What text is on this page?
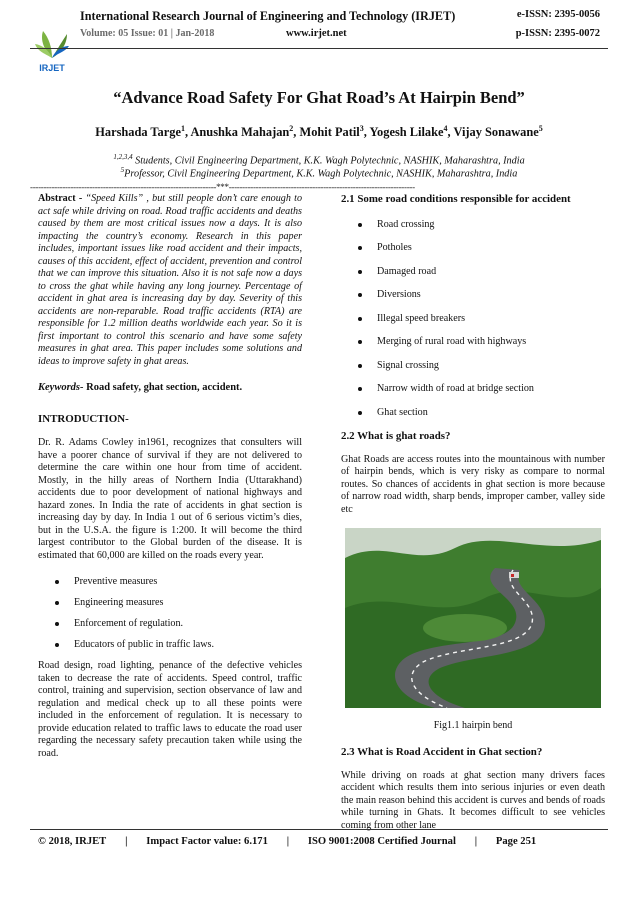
IRJET
International Research Journal of Engineering and Technology (IRJET)
Volume: 05 Issue: 01 | Jan-2018	www.irjet.net
e-ISSN: 2395-0056
p-ISSN: 2395-0072
“Advance Road Safety For Ghat Road’s At Hairpin Bend”
Harshada Targe$^1$, Anushka Mahajan$^2$, Mohit Patil$^3$, Yogesh Lilake$^4$, Vijay Sonawane$^5$
$^{1,2,3,4}$ Students, Civil Engineering Department, K.K. Wagh Polytechnic, NASHIK, Maharashtra, India
$^5$Professor, Civil Engineering Department, K.K. Wagh Polytechnic, NASHIK, Maharashtra, India
---------------------------------------------------------------------***---------------------------------------------------------------------
Abstract - “Speed Kills” , but still people don’t care enough to act safe while driving on road. Road traffic accidents and deaths caused by them are most critical issues now a days. It is also impacting the country’s economy. Research in this paper includes, important issues like road accident and their impacts, causes of this accident, effect of accident, prevention and control that we can improve this situation. Also it is not safe now a days to cross the ghat while having any long journey. Percentage of accident in ghat area is increasing day by day. Severity of this accidents are non-reparable. Road traffic accidents (RTA) are responsible for 1.2 million deaths worldwide each year. So it is first important to control this scenario and have some safety measures in ghat area. This paper includes some solutions and ideas to improve safety in ghat areas.
Keywords- Road safety, ghat section, accident.
INTRODUCTION-
Dr. R. Adams Cowley in1961, recognizes that consulters will have a poorer chance of survival if they are not delivered to determine the care within one hour from time of accident. Mostly, in the hilly areas of Northern India (Uttarakhand) accidents due to poor development of national highways and hazard zones. In India the rate of accidents in ghat section is increasing day by day. In India 1 out of 6 serious victim’s dies, but in the U.S.A. the figure is 1:200. It will become the third largest contributor to the Global burden of the disease. It is estimated that 60,000 are killed on the roads every year.
Preventive measures
Engineering measures
Enforcement of regulation.
Educators of public in traffic laws.
Road design, road lighting, penance of the defective vehicles taken to decrease the rate of accidents. Speed control, traffic control, training and supervision, section observance of law and regulation and medical check up to all these points were included in the enforcement of regulation. It is necessary to provide education related to traffic laws to educate the road user regarding the necessary safety precaution taken while using the road.
2.1 Some road conditions responsible for accident
Road crossing
Potholes
Damaged road
Diversions
Illegal speed breakers
Merging of rural road with highways
Signal crossing
Narrow width of road at bridge section
Ghat section
2.2 What is ghat roads?
Ghat Roads are access routes into the mountainous with number of hairpin bends, which is very risky as compare to normal routes. So chances of accidents in ghat section is more because of narrow road width, sharp bends, improper camber, valley side etc
Fig1.1 hairpin bend
2.3 What is Road Accident in Ghat section?
While driving on roads at ghat section many drivers faces accident which results them into serious injuries or even death the main reason behind this accident is curves and bends of roads while turning in Ghats. It becomes difficult to see vehicles coming from other lane
© 2018, IRJET | Impact Factor value: 6.171 | ISO 9001:2008 Certified Journal | Page 251
